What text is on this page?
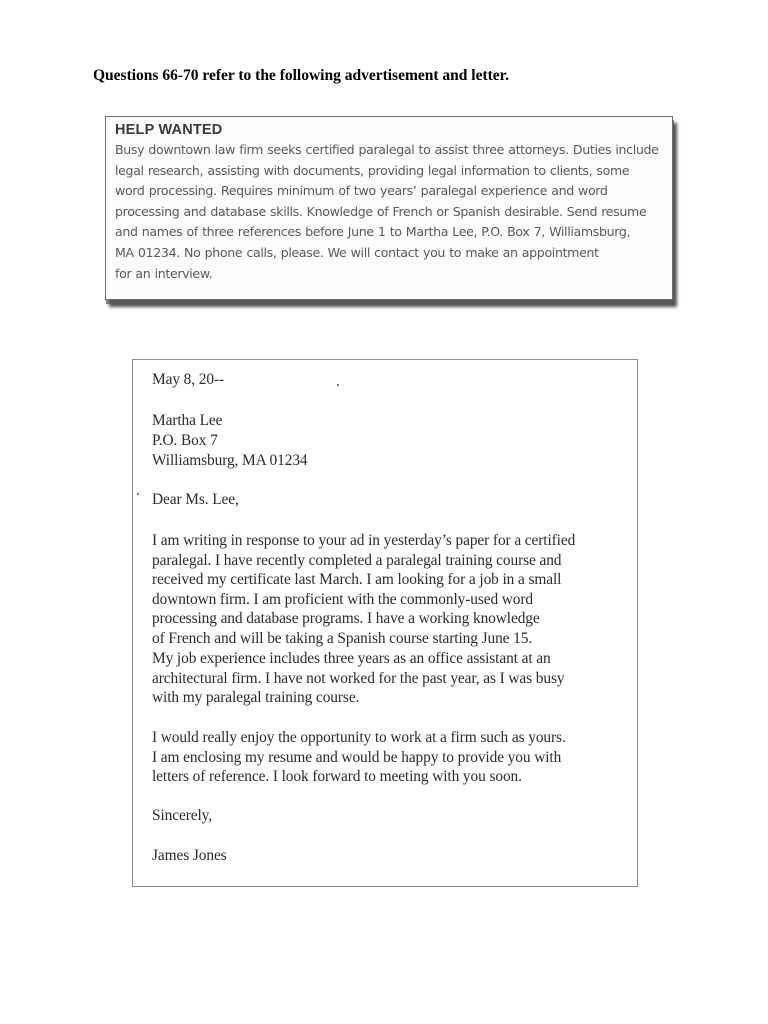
Questions 66-70 refer to the following advertisement and letter.
HELP WANTED
Busy downtown law firm seeks certified paralegal to assist three attorneys. Duties include
legal research, assisting with documents, providing legal information to clients, some
word processing. Requires minimum of two years’ paralegal experience and word
processing and database skills. Knowledge of French or Spanish desirable. Send resume
and names of three references before June 1 to Martha Lee, P.O. Box 7, Williamsburg,
MA 01234. No phone calls, please. We will contact you to make an appointment
for an interview.
May 8, 20--
Martha Lee
P.O. Box 7
Williamsburg, MA 01234
Dear Ms. Lee,
I am writing in response to your ad in yesterday’s paper for a certified
paralegal. I have recently completed a paralegal training course and
received my certificate last March. I am looking for a job in a small
downtown firm. I am proficient with the commonly-used word
processing and database programs. I have a working knowledge
of French and will be taking a Spanish course starting June 15.
My job experience includes three years as an office assistant at an
architectural firm. I have not worked for the past year, as I was busy
with my paralegal training course.
I would really enjoy the opportunity to work at a firm such as yours.
I am enclosing my resume and would be happy to provide you with
letters of reference. I look forward to meeting with you soon.
Sincerely,
James Jones
